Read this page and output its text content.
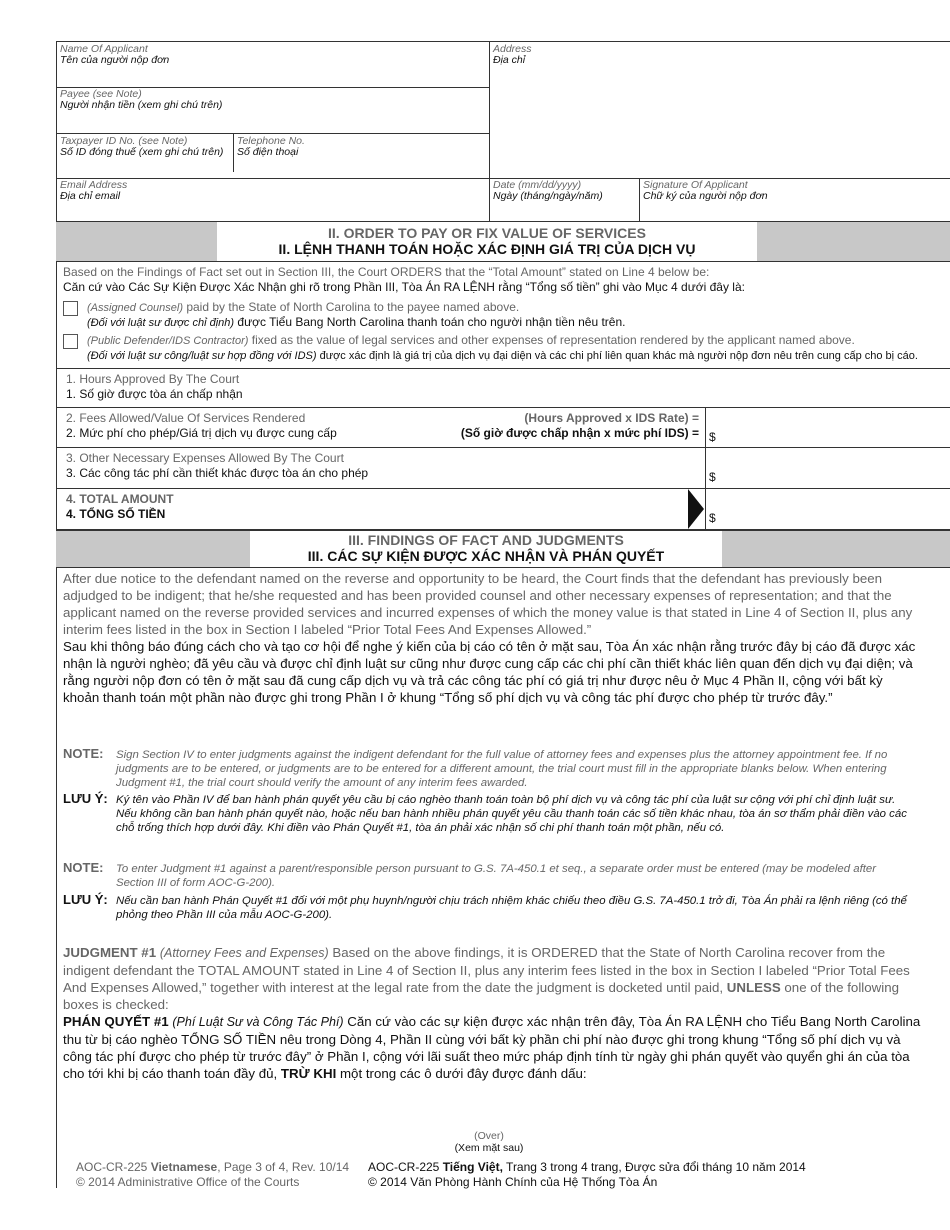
Name Of Applicant
Tên của người nộp đơn
Address
Địa chỉ
Payee (see Note)
Người nhận tiền (xem ghi chú trên)
Taxpayer ID No. (see Note)
Số ID đóng thuế (xem ghi chú trên)
Telephone No.
Số điện thoại
Email Address
Địa chỉ email
Date (mm/dd/yyyy)
Ngày (tháng/ngày/năm)
Signature Of Applicant
Chữ ký của người nộp đơn
II. ORDER TO PAY OR FIX VALUE OF SERVICES
II. LỆNH THANH TOÁN HOẶC XÁC ĐỊNH GIÁ TRỊ CỦA DỊCH VỤ
Based on the Findings of Fact set out in Section III, the Court ORDERS that the “Total Amount” stated on Line 4 below be:
Căn cứ vào Các Sự Kiện Được Xác Nhận ghi rõ trong Phần III, Tòa Án RA LỆNH rằng “Tổng số tiền” ghi vào Mục 4 dưới đây là:
(Assigned Counsel) paid by the State of North Carolina to the payee named above.
(Đối với luật sư được chỉ định) được Tiểu Bang North Carolina thanh toán cho người nhận tiền nêu trên.
(Public Defender/IDS Contractor) fixed as the value of legal services and other expenses of representation rendered by the applicant named above.
(Đối với luật sư công/luật sư hợp đồng với IDS) được xác định là giá trị của dịch vụ đại diện và các chi phí liên quan khác mà người nộp đơn nêu trên cung cấp cho bị cáo.
1. Hours Approved By The Court
1. Số giờ được tòa án chấp nhận
2. Fees Allowed/Value Of Services Rendered
2. Mức phí cho phép/Giá trị dịch vụ được cung cấp
(Hours Approved x IDS Rate) =
(Số giờ được chấp nhận x mức phí IDS) = $
3. Other Necessary Expenses Allowed By The Court
3. Các công tác phí cần thiết khác được tòa án cho phép	$
4. TOTAL AMOUNT
4. TỔNG SỐ TIỀN	$
III. FINDINGS OF FACT AND JUDGMENTS
III. CÁC SỰ KIỆN ĐƯỢC XÁC NHẬN VÀ PHÁN QUYẾT
After due notice to the defendant named on the reverse and opportunity to be heard, the Court finds that the defendant has previously been adjudged to be indigent; that he/she requested and has been provided counsel and other necessary expenses of representation; and that the applicant named on the reverse provided services and incurred expenses of which the money value is that stated in Line 4 of Section II, plus any interim fees listed in the box in Section I labeled “Prior Total Fees And Expenses Allowed.”
Sau khi thông báo đúng cách cho và tạo cơ hội để nghe ý kiến của bị cáo có tên ở mặt sau, Tòa Án xác nhận rằng trước đây bị cáo đã được xác nhận là người nghèo; đã yêu cầu và được chỉ định luật sư cũng như được cung cấp các chi phí cần thiết khác liên quan đến dịch vụ đại diện; và rằng người nộp đơn có tên ở mặt sau đã cung cấp dịch vụ và trả các công tác phí có giá trị như được nêu ở Mục 4 Phần II, cộng với bất kỳ khoản thanh toán một phần nào được ghi trong Phần I ở khung “Tổng số phí dịch vụ và công tác phí được cho phép từ trước đây.”
NOTE: Sign Section IV to enter judgments against the indigent defendant for the full value of attorney fees and expenses plus the attorney appointment fee. If no judgments are to be entered, or judgments are to be entered for a different amount, the trial court must fill in the appropriate blanks below. When entering Judgment #1, the trial court should verify the amount of any interim fees awarded.
LƯU Ý: Ký tên vào Phần IV để ban hành phán quyết yêu cầu bị cáo nghèo thanh toán toàn bộ phí dịch vụ và công tác phí của luật sư cộng với phí chỉ định luật sư. Nếu không cần ban hành phán quyết nào, hoặc nếu ban hành nhiều phán quyết yêu cầu thanh toán các số tiền khác nhau, tòa án sơ thẩm phải điền vào các chỗ trống thích hợp dưới đây. Khi điền vào Phán Quyết #1, tòa án phải xác nhận số chi phí thanh toán một phần, nếu có.
NOTE: To enter Judgment #1 against a parent/responsible person pursuant to G.S. 7A-450.1 et seq., a separate order must be entered (may be modeled after Section III of form AOC-G-200).
LƯU Ý: Nếu cần ban hành Phán Quyết #1 đối với một phụ huynh/người chịu trách nhiệm khác chiếu theo điều G.S. 7A-450.1 trở đi, Tòa Án phải ra lệnh riêng (có thể phỏng theo Phần III của mẫu AOC-G-200).
JUDGMENT #1 (Attorney Fees and Expenses) Based on the above findings, it is ORDERED that the State of North Carolina recover from the indigent defendant the TOTAL AMOUNT stated in Line 4 of Section II, plus any interim fees listed in the box in Section I labeled “Prior Total Fees And Expenses Allowed,” together with interest at the legal rate from the date the judgment is docketed until paid, UNLESS one of the following boxes is checked:
PHÁN QUYẾT #1 (Phí Luật Sư và Công Tác Phí) Căn cứ vào các sự kiện được xác nhận trên đây, Tòa Án RA LỆNH cho Tiểu Bang North Carolina thu từ bị cáo nghèo TỔNG SỐ TIỀN nêu trong Dòng 4, Phần II cùng với bất kỳ phần chi phí nào được ghi trong khung “Tổng số phí dịch vụ và công tác phí được cho phép từ trước đây” ở Phần I, cộng với lãi suất theo mức pháp định tính từ ngày ghi phán quyết vào quyển ghi án của tòa cho tới khi bị cáo thanh toán đầy đủ, TRỪ KHI một trong các ô dưới đây được đánh dấu:
(Over)
(Xem mặt sau)
AOC-CR-225 Vietnamese, Page 3 of 4, Rev. 10/14
© 2014 Administrative Office of the Courts
AOC-CR-225 Tiếng Việt, Trang 3 trong 4 trang, Được sửa đổi tháng 10 năm 2014
© 2014 Văn Phòng Hành Chính của Hệ Thống Tòa Án
